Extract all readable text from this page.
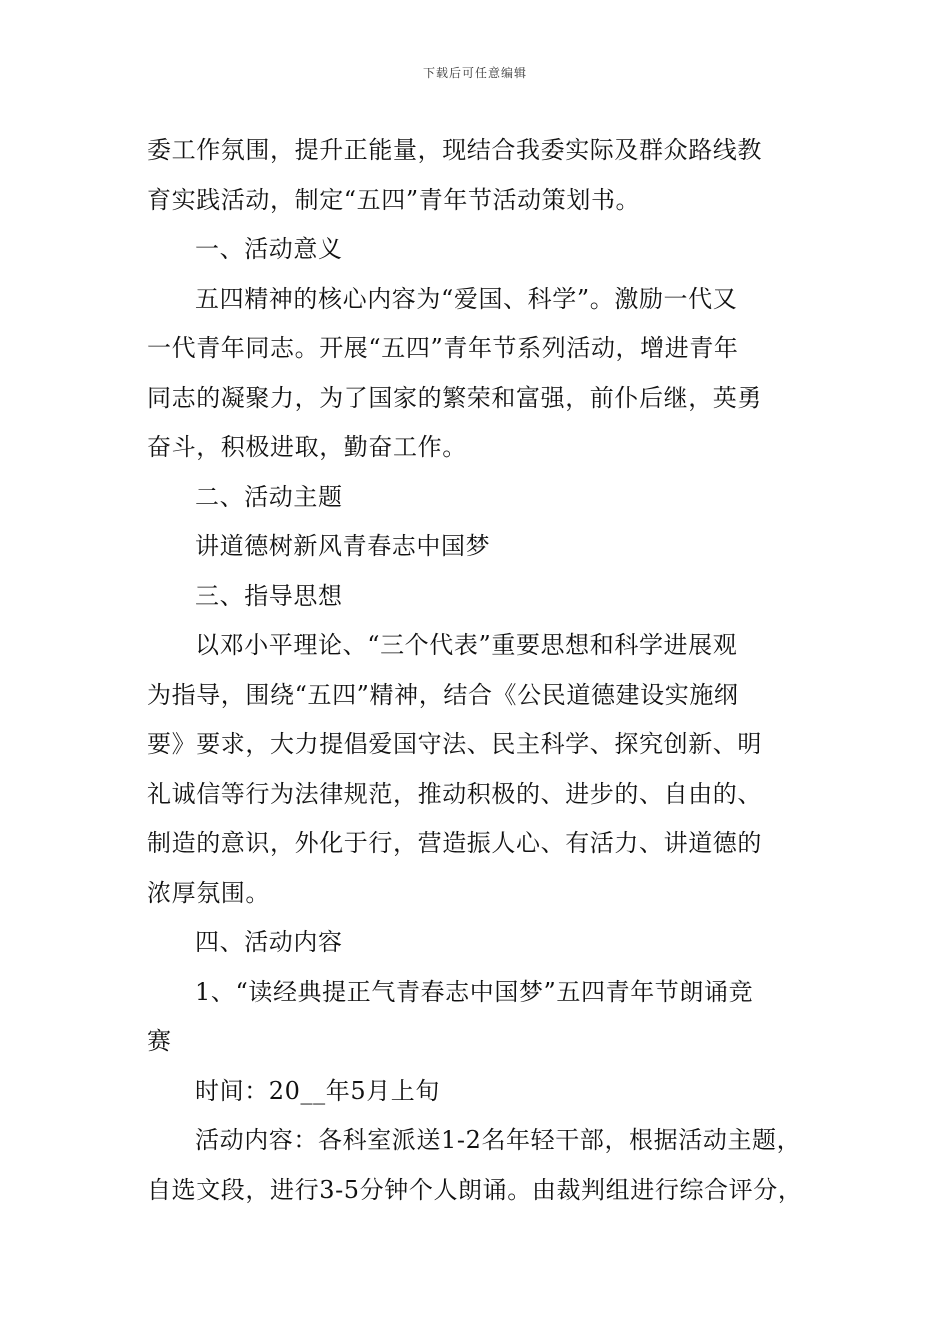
下载后可任意编辑
委工作氛围，提升正能量，现结合我委实际及群众路线教
育实践活动，制定“五四”青年节活动策划书。
一、活动意义
五四精神的核心内容为“爱国、科学”。激励一代又
一代青年同志。开展“五四”青年节系列活动，增进青年
同志的凝聚力，为了国家的繁荣和富强，前仆后继，英勇
奋斗，积极进取，勤奋工作。
二、活动主题
讲道德树新风青春志中国梦
三、指导思想
以邓小平理论、“三个代表”重要思想和科学进展观
为指导，围绕“五四”精神，结合《公民道德建设实施纲
要》要求，大力提倡爱国守法、民主科学、探究创新、明
礼诚信等行为法律规范，推动积极的、进步的、自由的、
制造的意识，外化于行，营造振人心、有活力、讲道德的
浓厚氛围。
四、活动内容
1、“读经典提正气青春志中国梦”五四青年节朗诵竞
赛
时间：20__年5月上旬
活动内容：各科室派送1-2名年轻干部，根据活动主题，
自选文段，进行3-5分钟个人朗诵。由裁判组进行综合评分，
